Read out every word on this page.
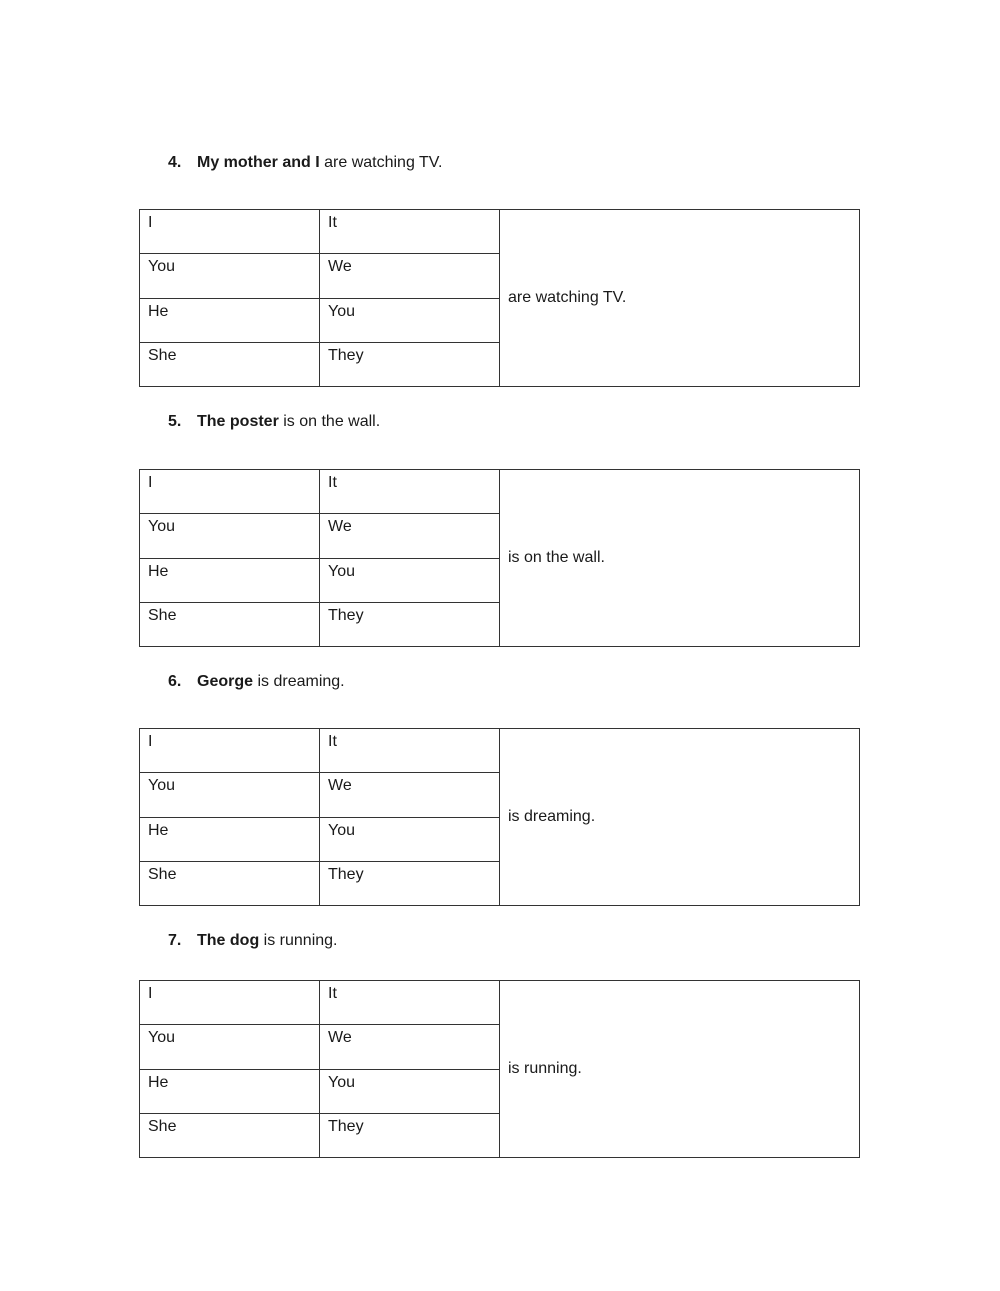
4. My mother and I are watching TV.
I	It	are watching TV.
You	We	
He	You	
She	They	
5. The poster is on the wall.
I	It	is on the wall.
You	We	
He	You	
She	They	
6. George is dreaming.
I	It	is dreaming.
You	We	
He	You	
She	They	
7. The dog is running.
I	It	is running.
You	We	
He	You	
She	They	
